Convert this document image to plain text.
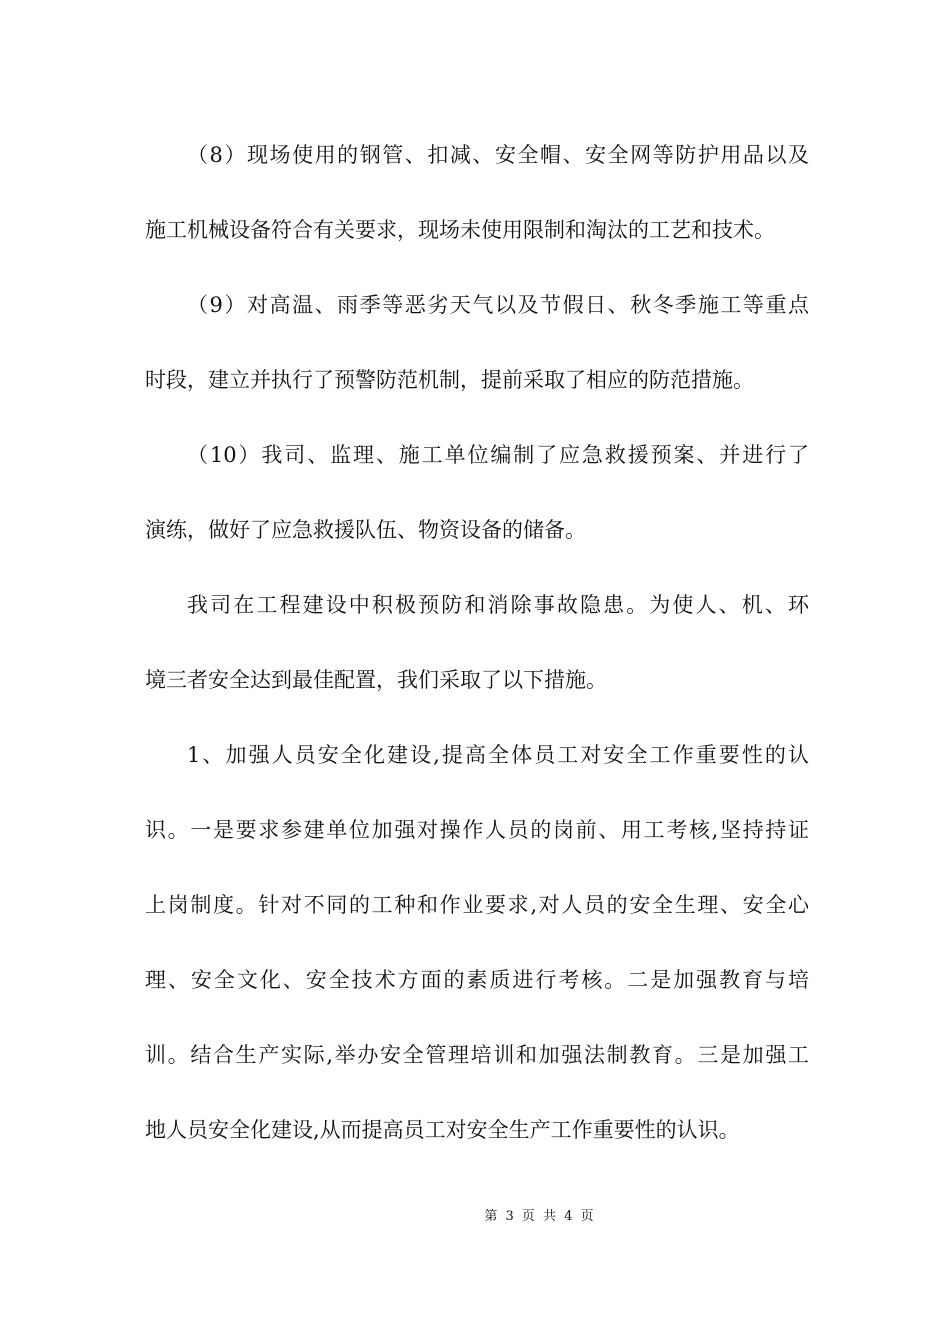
（8）现场使用的钢管、扣减、安全帽、安全网等防护用品以及
施工机械设备符合有关要求，现场未使用限制和淘汰的工艺和技术。
（9）对高温、雨季等恶劣天气以及节假日、秋冬季施工等重点
时段，建立并执行了预警防范机制，提前采取了相应的防范措施。
（10）我司、监理、施工单位编制了应急救援预案、并进行了
演练，做好了应急救援队伍、物资设备的储备。
我司在工程建设中积极预防和消除事故隐患。为使人、机、环
境三者安全达到最佳配置，我们采取了以下措施。
1、加强人员安全化建设,提高全体员工对安全工作重要性的认
识。一是要求参建单位加强对操作人员的岗前、用工考核,坚持持证
上岗制度。针对不同的工种和作业要求,对人员的安全生理、安全心
理、安全文化、安全技术方面的素质进行考核。二是加强教育与培
训。结合生产实际,举办安全管理培训和加强法制教育。三是加强工
地人员安全化建设,从而提高员工对安全生产工作重要性的认识。
第 3 页 共 4 页
